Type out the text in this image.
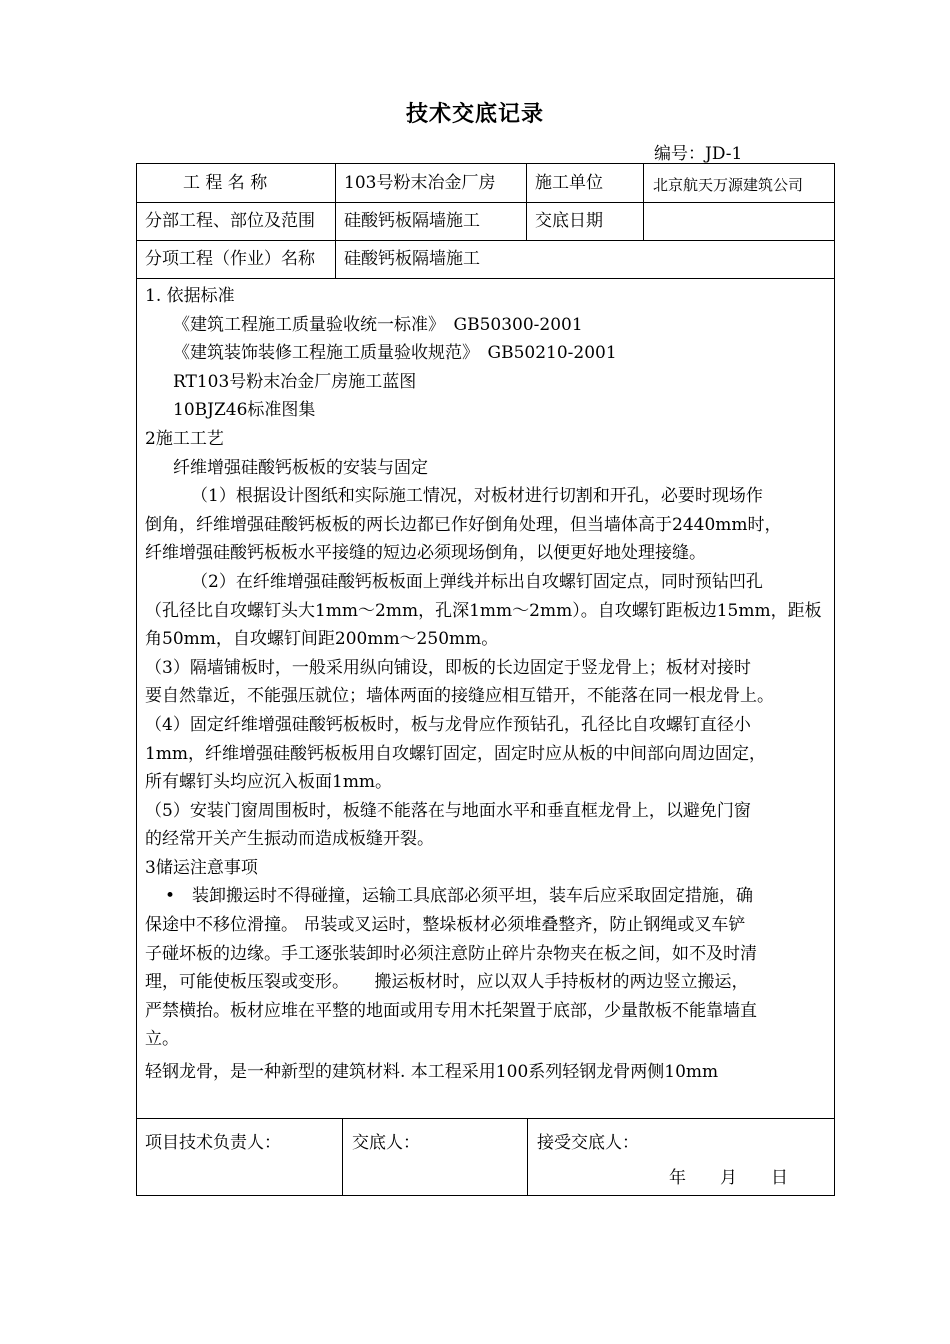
技术交底记录
编号：JD-1
工 程 名 称	103号粉末冶金厂房 施工单位	北京航天万源建筑公司
分部工程、部位及范围 硅酸钙板隔墙施工	交底日期
分项工程（作业）名称 硅酸钙板隔墙施工

1. 依据标准

《建筑工程施工质量验收统一标准》　GB50300-2001

《建筑装饰装修工程施工质量验收规范》　GB50210-2001

RT103号粉末冶金厂房施工蓝图

10BJZ46标准图集

2施工工艺

纤维增强硅酸钙板板的安装与固定

（1）根据设计图纸和实际施工情况，对板材进行切割和开孔，必要时现场作

倒角，纤维增强硅酸钙板板的两长边都已作好倒角处理，但当墙体高于2440mm时，

纤维增强硅酸钙板板水平接缝的短边必须现场倒角，以便更好地处理接缝。

（2）在纤维增强硅酸钙板板面上弹线并标出自攻螺钉固定点，同时预钻凹孔

（孔径比自攻螺钉头大1mm～2mm，孔深1mm～2mm）。自攻螺钉距板边15mm，距板

角50mm，自攻螺钉间距200mm～250mm。

（3）隔墙铺板时，一般采用纵向铺设，即板的长边固定于竖龙骨上；板材对接时

要自然靠近，不能强压就位；墙体两面的接缝应相互错开，不能落在同一根龙骨上。

（4）固定纤维增强硅酸钙板板时，板与龙骨应作预钻孔，孔径比自攻螺钉直径小

1mm，纤维增强硅酸钙板板用自攻螺钉固定，固定时应从板的中间部向周边固定，

所有螺钉头均应沉入板面1mm。

（5）安装门窗周围板时，板缝不能落在与地面水平和垂直框龙骨上，以避免门窗

的经常开关产生振动而造成板缝开裂。

3储运注意事项

•　装卸搬运时不得碰撞，运输工具底部必须平坦，装车后应采取固定措施，确

保途中不移位滑撞。 吊装或叉运时，整垛板材必须堆叠整齐，防止钢绳或叉车铲

子碰坏板的边缘。手工逐张装卸时必须注意防止碎片杂物夹在板之间，如不及时清

理，可能使板压裂或变形。　　搬运板材时，应以双人手持板材的两边竖立搬运，

严禁横抬。板材应堆在平整的地面或用专用木托架置于底部，少量散板不能靠墙直

立。

轻钢龙骨，是一种新型的建筑材料. 本工程采用100系列轻钢龙骨两侧10mm

项目技术负责人：	交底人：	接受交底人：
年　　月　　日
